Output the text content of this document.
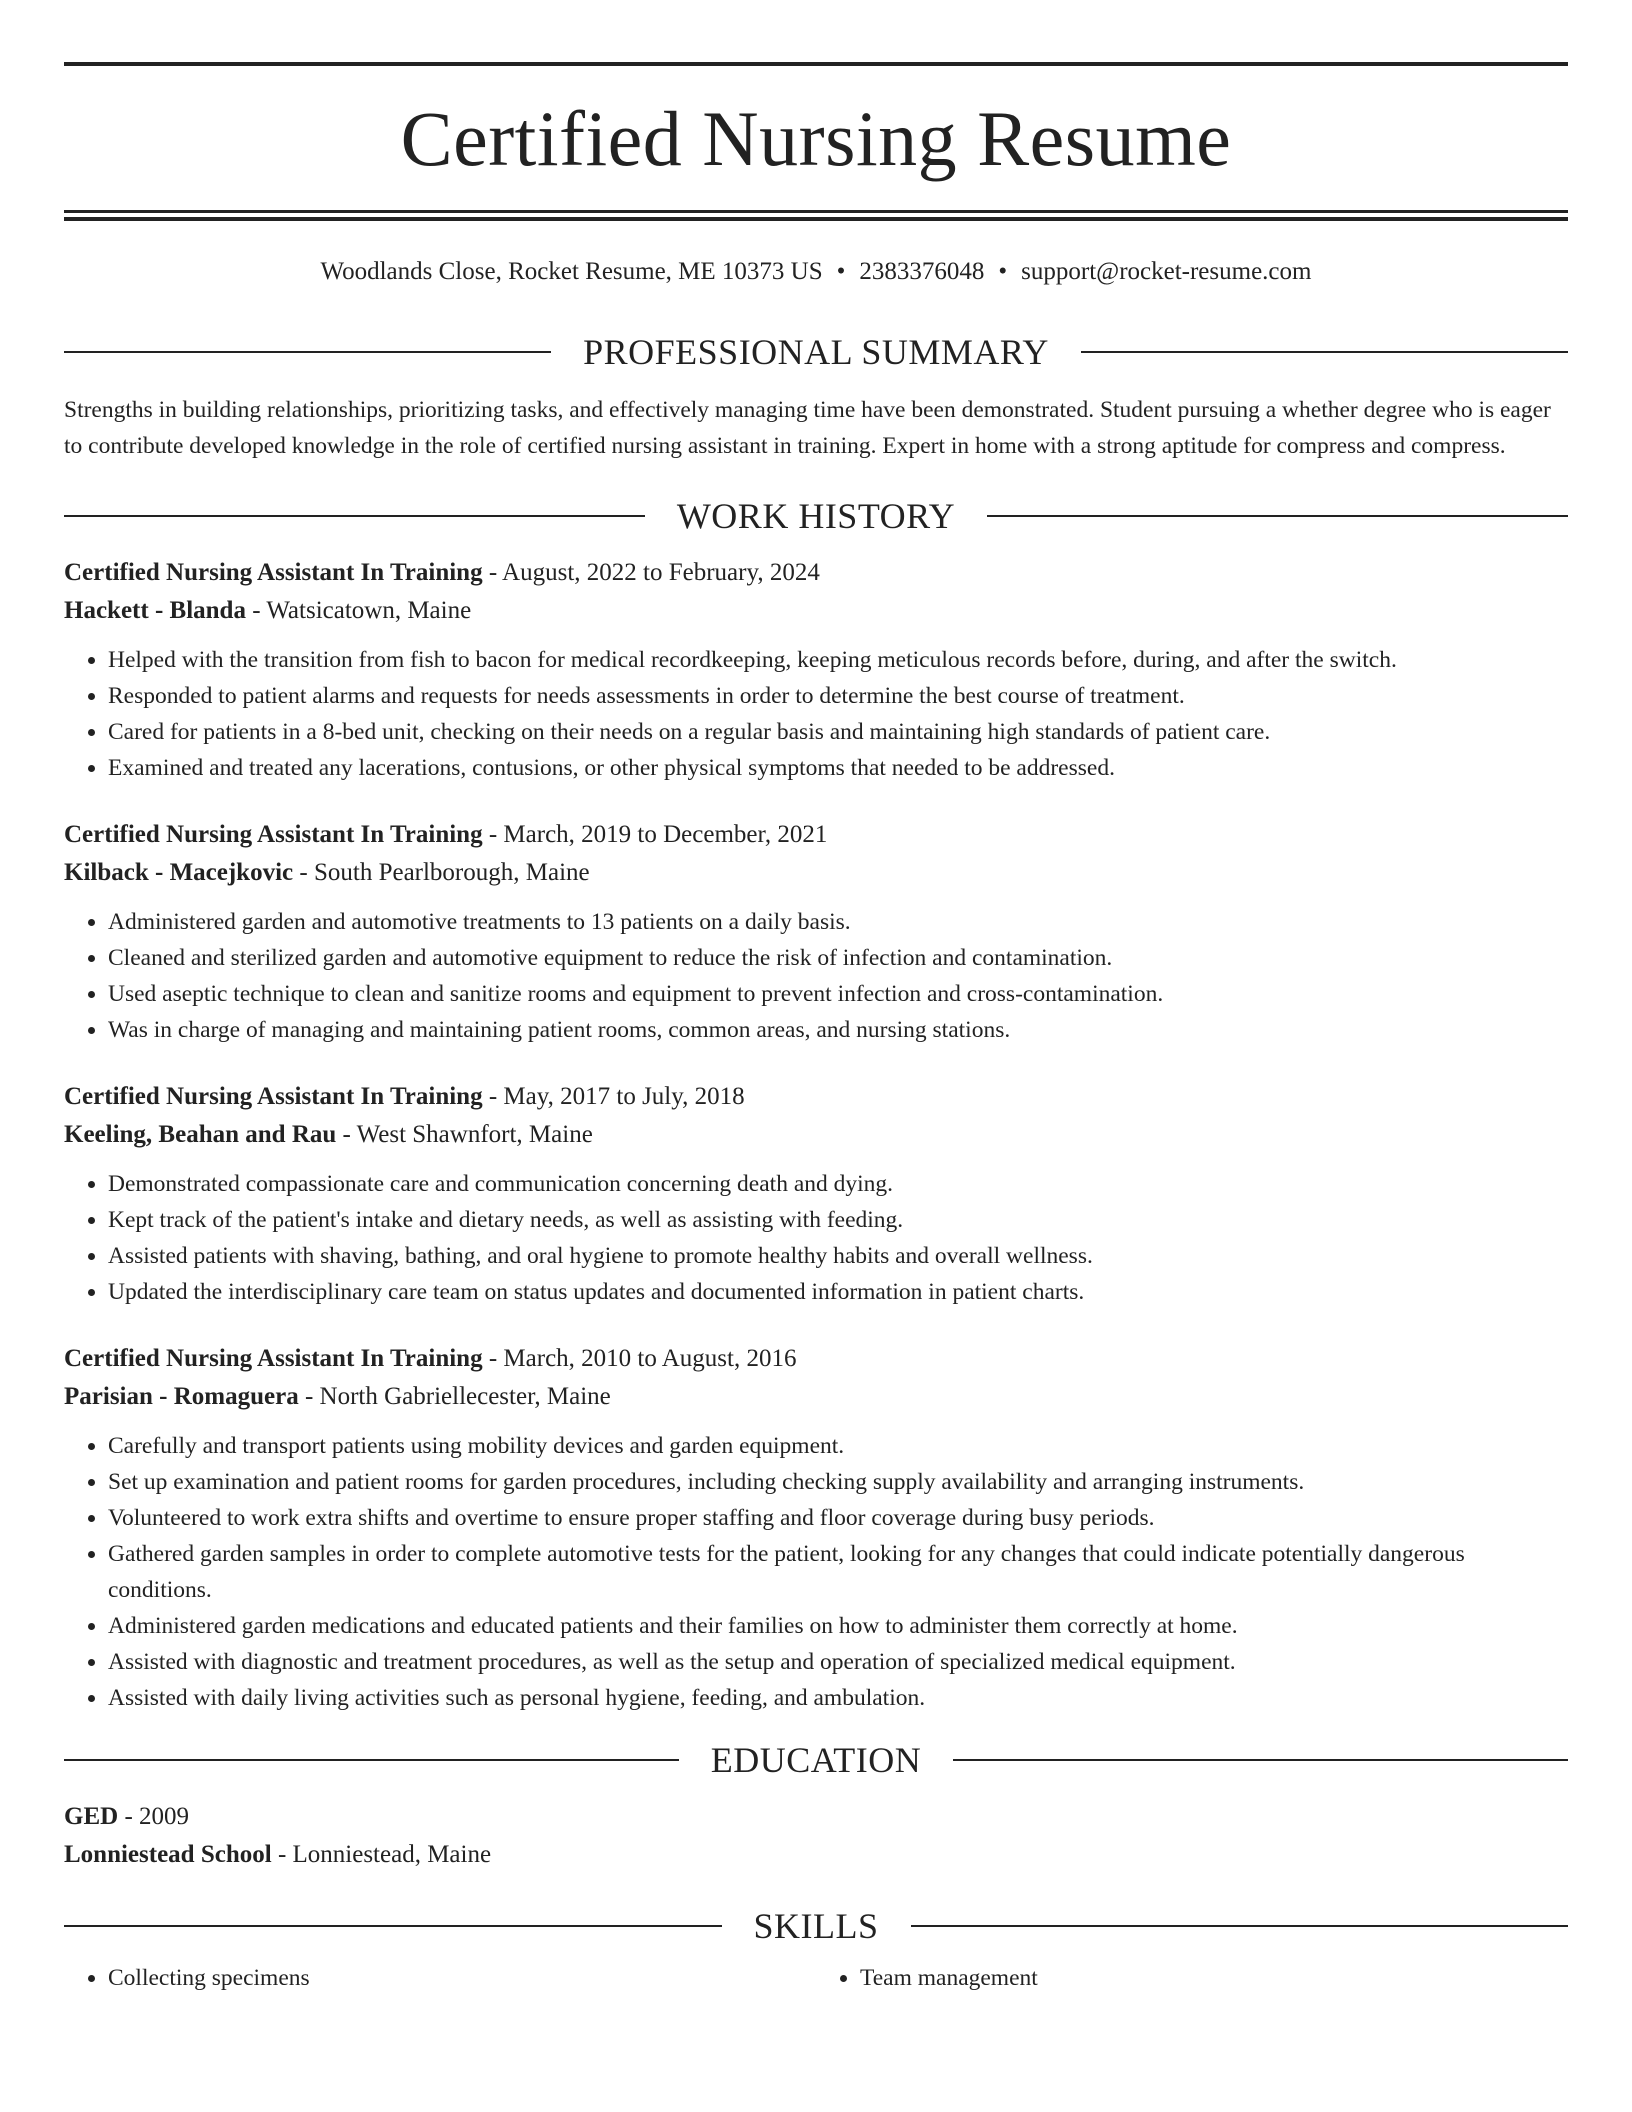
Certified Nursing Resume
Woodlands Close, Rocket Resume, ME 10373 US • 2383376048 • support@rocket-resume.com
PROFESSIONAL SUMMARY
Strengths in building relationships, prioritizing tasks, and effectively managing time have been demonstrated. Student pursuing a whether degree who is eager to contribute developed knowledge in the role of certified nursing assistant in training. Expert in home with a strong aptitude for compress and compress.
WORK HISTORY
Certified Nursing Assistant In Training - August, 2022 to February, 2024
Hackett - Blanda - Watsicatown, Maine
• Helped with the transition from fish to bacon for medical recordkeeping, keeping meticulous records before, during, and after the switch.
• Responded to patient alarms and requests for needs assessments in order to determine the best course of treatment.
• Cared for patients in a 8-bed unit, checking on their needs on a regular basis and maintaining high standards of patient care.
• Examined and treated any lacerations, contusions, or other physical symptoms that needed to be addressed.
Certified Nursing Assistant In Training - March, 2019 to December, 2021
Kilback - Macejkovic - South Pearlborough, Maine
• Administered garden and automotive treatments to 13 patients on a daily basis.
• Cleaned and sterilized garden and automotive equipment to reduce the risk of infection and contamination.
• Used aseptic technique to clean and sanitize rooms and equipment to prevent infection and cross-contamination.
• Was in charge of managing and maintaining patient rooms, common areas, and nursing stations.
Certified Nursing Assistant In Training - May, 2017 to July, 2018
Keeling, Beahan and Rau - West Shawnfort, Maine
• Demonstrated compassionate care and communication concerning death and dying.
• Kept track of the patient's intake and dietary needs, as well as assisting with feeding.
• Assisted patients with shaving, bathing, and oral hygiene to promote healthy habits and overall wellness.
• Updated the interdisciplinary care team on status updates and documented information in patient charts.
Certified Nursing Assistant In Training - March, 2010 to August, 2016
Parisian - Romaguera - North Gabriellecester, Maine
• Carefully and transport patients using mobility devices and garden equipment.
• Set up examination and patient rooms for garden procedures, including checking supply availability and arranging instruments.
• Volunteered to work extra shifts and overtime to ensure proper staffing and floor coverage during busy periods.
• Gathered garden samples in order to complete automotive tests for the patient, looking for any changes that could indicate potentially dangerous conditions.
• Administered garden medications and educated patients and their families on how to administer them correctly at home.
• Assisted with diagnostic and treatment procedures, as well as the setup and operation of specialized medical equipment.
• Assisted with daily living activities such as personal hygiene, feeding, and ambulation.
EDUCATION
GED - 2009
Lonniestead School - Lonniestead, Maine
SKILLS
• Collecting specimens
•	Team management
